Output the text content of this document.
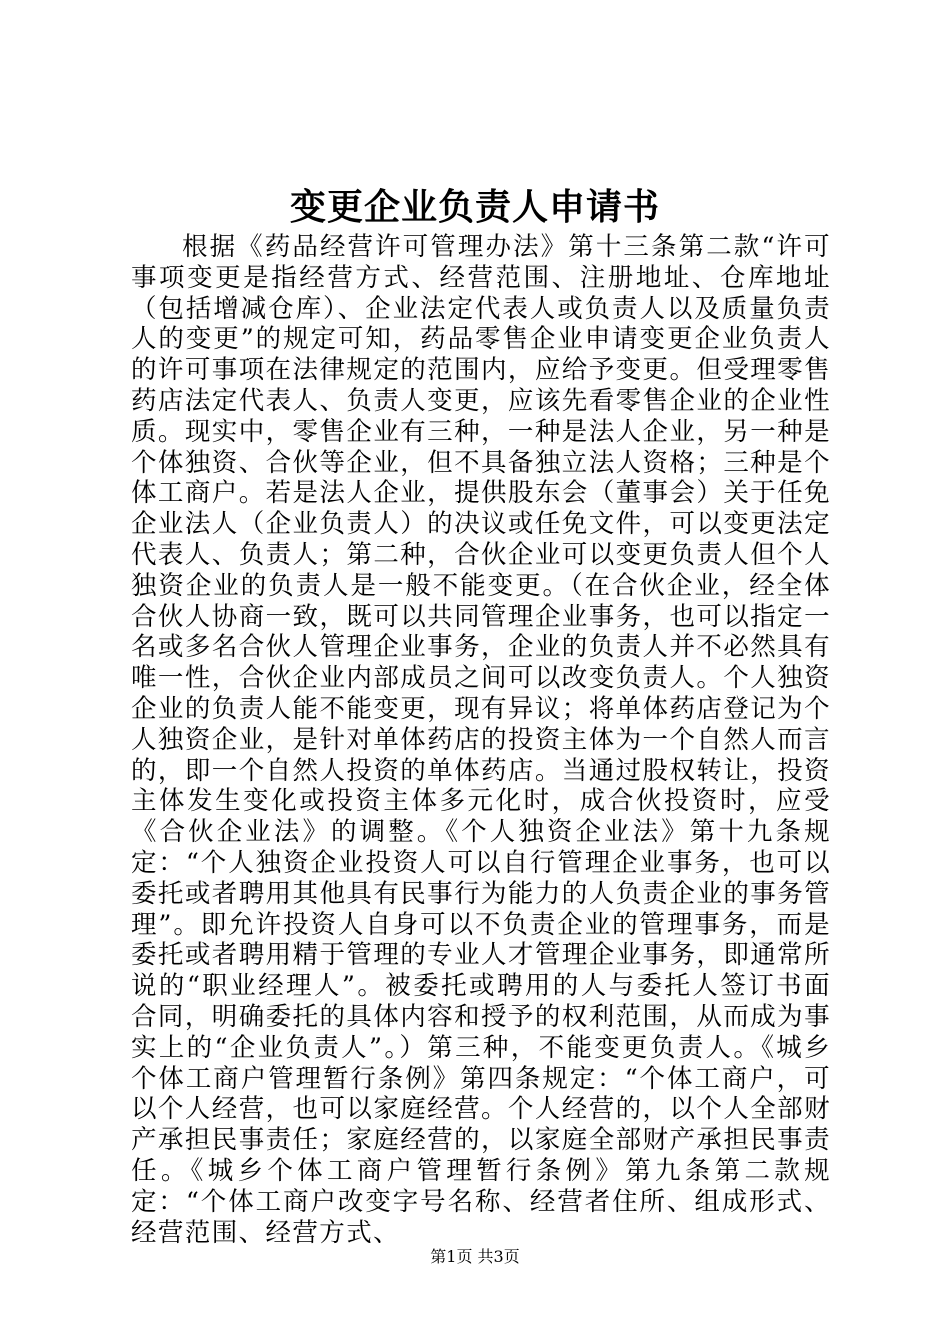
变更企业负责人申请书

根据《药品经营许可管理办法》第十三条第二款“许可事项变更是指经营方式、经营范围、注册地址、仓库地址（包括增减仓库）、企业法定代表人或负责人以及质量负责人的变更”的规定可知，药品零售企业申请变更企业负责人的许可事项在法律规定的范围内，应给予变更。但受理零售药店法定代表人、负责人变更，应该先看零售企业的企业性质。现实中，零售企业有三种，一种是法人企业，另一种是个体独资、合伙等企业，但不具备独立法人资格；三种是个体工商户。若是法人企业，提供股东会（董事会）关于任免企业法人（企业负责人）的决议或任免文件，可以变更法定代表人、负责人；第二种，合伙企业可以变更负责人但个人独资企业的负责人是一般不能变更。（在合伙企业，经全体合伙人协商一致，既可以共同管理企业事务，也可以指定一名或多名合伙人管理企业事务，企业的负责人并不必然具有唯一性，合伙企业内部成员之间可以改变负责人。个人独资企业的负责人能不能变更，现有异议；将单体药店登记为个人独资企业，是针对单体药店的投资主体为一个自然人而言的，即一个自然人投资的单体药店。当通过股权转让，投资主体发生变化或投资主体多元化时，成合伙投资时，应受《合伙企业法》的调整。《个人独资企业法》第十九条规定：“个人独资企业投资人可以自行管理企业事务，也可以委托或者聘用其他具有民事行为能力的人负责企业的事务管理”。即允许投资人自身可以不负责企业的管理事务，而是委托或者聘用精于管理的专业人才管理企业事务，即通常所说的“职业经理人”。被委托或聘用的人与委托人签订书面合同，明确委托的具体内容和授予的权利范围，从而成为事实上的“企业负责人”。）第三种，不能变更负责人。《城乡个体工商户管理暂行条例》第四条规定：“个体工商户，可以个人经营，也可以家庭经营。个人经营的，以个人全部财产承担民事责任；家庭经营的，以家庭全部财产承担民事责任。《城乡个体工商户管理暂行条例》第九条第二款规定：“个体工商户改变字号名称、经营者住所、组成形式、经营范围、经营方式、

第1页 共3页
